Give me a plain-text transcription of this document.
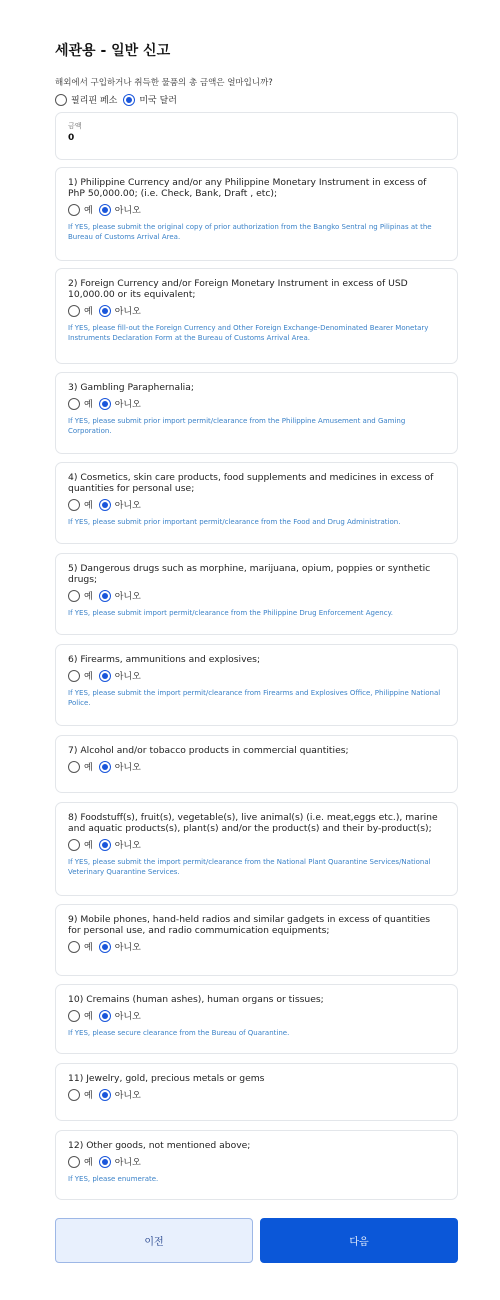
세관용 - 일반 신고
해외에서 구입하거나 취득한 물품의 총 금액은 얼마입니까?
필리핀 페소 미국 달러
금액
0
1) Philippine Currency and/or any Philippine Monetary Instrument in excess of PhP 50,000.00; (i.e. Check, Bank, Draft , etc);
예 아니오
If YES, please submit the original copy of prior authorization from the Bangko Sentral ng Pilipinas at the Bureau of Customs Arrival Area.
2) Foreign Currency and/or Foreign Monetary Instrument in excess of USD 10,000.00 or its equivalent;
예 아니오
If YES, please fill-out the Foreign Currency and Other Foreign Exchange-Denominated Bearer Monetary Instruments Declaration Form at the Bureau of Customs Arrival Area.
3) Gambling Paraphernalia;
예 아니오
If YES, please submit prior import permit/clearance from the Philippine Amusement and Gaming Corporation.
4) Cosmetics, skin care products, food supplements and medicines in excess of quantities for personal use;
예 아니오
If YES, please submit prior important permit/clearance from the Food and Drug Administration.
5) Dangerous drugs such as morphine, marijuana, opium, poppies or synthetic drugs;
예 아니오
If YES, please submit import permit/clearance from the Philippine Drug Enforcement Agency.
6) Firearms, ammunitions and explosives;
예 아니오
If YES, please submit the import permit/clearance from Firearms and Explosives Office, Philippine National Police.
7) Alcohol and/or tobacco products in commercial quantities;
예 아니오
8) Foodstuff(s), fruit(s), vegetable(s), live animal(s) (i.e. meat,eggs etc.), marine and aquatic products(s), plant(s) and/or the product(s) and their by-product(s);
예 아니오
If YES, please submit the import permit/clearance from the National Plant Quarantine Services/National Veterinary Quarantine Services.
9) Mobile phones, hand-held radios and similar gadgets in excess of quantities for personal use, and radio commumication equipments;
예 아니오
10) Cremains (human ashes), human organs or tissues;
예 아니오
If YES, please secure clearance from the Bureau of Quarantine.
11) Jewelry, gold, precious metals or gems
예 아니오
12) Other goods, not mentioned above;
예 아니오
If YES, please enumerate.
이전	다음
